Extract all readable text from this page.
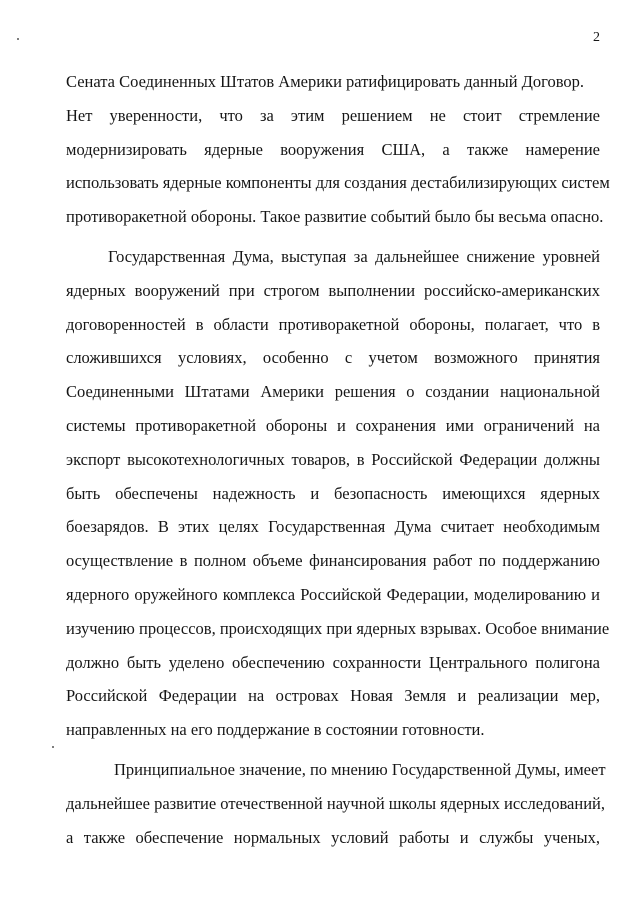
2
Сената Соединенных Штатов Америки ратифицировать данный Договор.
Нет уверенности, что за этим решением не стоит стремление
модернизировать ядерные вооружения США, а также намерение
использовать ядерные компоненты для создания дестабилизирующих систем
противоракетной обороны. Такое развитие событий было бы весьма опасно.
Государственная Дума, выступая за дальнейшее снижение уровней
ядерных вооружений при строгом выполнении российско-американских
договоренностей в области противоракетной обороны, полагает, что в
сложившихся условиях, особенно с учетом возможного принятия
Соединенными Штатами Америки решения о создании национальной
системы противоракетной обороны и сохранения ими ограничений на
экспорт высокотехнологичных товаров, в Российской Федерации должны
быть обеспечены надежность и безопасность имеющихся ядерных
боезарядов. В этих целях Государственная Дума считает необходимым
осуществление в полном объеме финансирования работ по поддержанию
ядерного оружейного комплекса Российской Федерации, моделированию и
изучению процессов, происходящих при ядерных взрывах. Особое внимание
должно быть уделено обеспечению сохранности Центрального полигона
Российской Федерации на островах Новая Земля и реализации мер,
направленных на его поддержание в состоянии готовности.
Принципиальное значение, по мнению Государственной Думы, имеет
дальнейшее развитие отечественной научной школы ядерных исследований,
а также обеспечение нормальных условий работы и службы ученых,
